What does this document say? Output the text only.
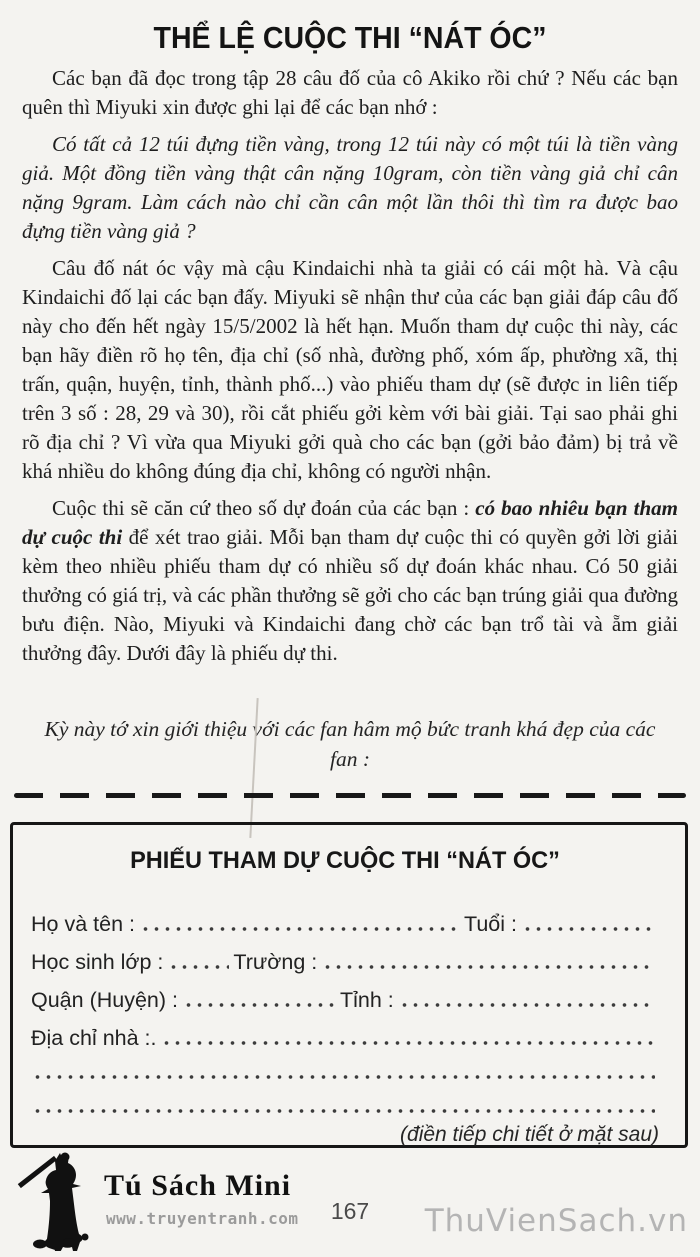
THỂ LỆ CUỘC THI “NÁT ÓC”

Các bạn đã đọc trong tập 28 câu đố của cô Akiko rồi chứ ? Nếu các bạn quên thì Miyuki xin được ghi lại để các bạn nhớ :

Có tất cả 12 túi đựng tiền vàng, trong 12 túi này có một túi là tiền vàng giả. Một đồng tiền vàng thật cân nặng 10gram, còn tiền vàng giả chỉ cân nặng 9gram. Làm cách nào chỉ cần cân một lần thôi thì tìm ra được bao đựng tiền vàng giả ?

Câu đố nát óc vậy mà cậu Kindaichi nhà ta giải có cái một hà. Và cậu Kindaichi đố lại các bạn đấy. Miyuki sẽ nhận thư của các bạn giải đáp câu đố này cho đến hết ngày 15/5/2002 là hết hạn. Muốn tham dự cuộc thi này, các bạn hãy điền rõ họ tên, địa chỉ (số nhà, đường phố, xóm ấp, phường xã, thị trấn, quận, huyện, tỉnh, thành phố...) vào phiếu tham dự (sẽ được in liên tiếp trên 3 số : 28, 29 và 30), rồi cắt phiếu gởi kèm với bài giải. Tại sao phải ghi rõ địa chỉ ? Vì vừa qua Miyuki gởi quà cho các bạn (gởi bảo đảm) bị trả về khá nhiều do không đúng địa chỉ, không có người nhận.

Cuộc thi sẽ căn cứ theo số dự đoán của các bạn : có bao nhiêu bạn tham dự cuộc thi để xét trao giải. Mỗi bạn tham dự cuộc thi có quyền gởi lời giải kèm theo nhiều phiếu tham dự có nhiều số dự đoán khác nhau. Có 50 giải thưởng có giá trị, và các phần thưởng sẽ gởi cho các bạn trúng giải qua đường bưu điện. Nào, Miyuki và Kindaichi đang chờ các bạn trổ tài và ẵm giải thưởng đây. Dưới đây là phiếu dự thi.

Kỳ này tớ xin giới thiệu với các fan hâm mộ bức tranh khá đẹp của các fan :
PHIẾU THAM DỰ CUỘC THI “NÁT ÓC”
Họ và tên :	Tuổi :
Học sinh lớp :	Trường :
Quận (Huyện) :	Tỉnh :
Địa chỉ nhà :.
(điền tiếp chi tiết ở mặt sau)
Tú Sách Mini
www.truyentranh.com	167	ThuVienSach.vn
